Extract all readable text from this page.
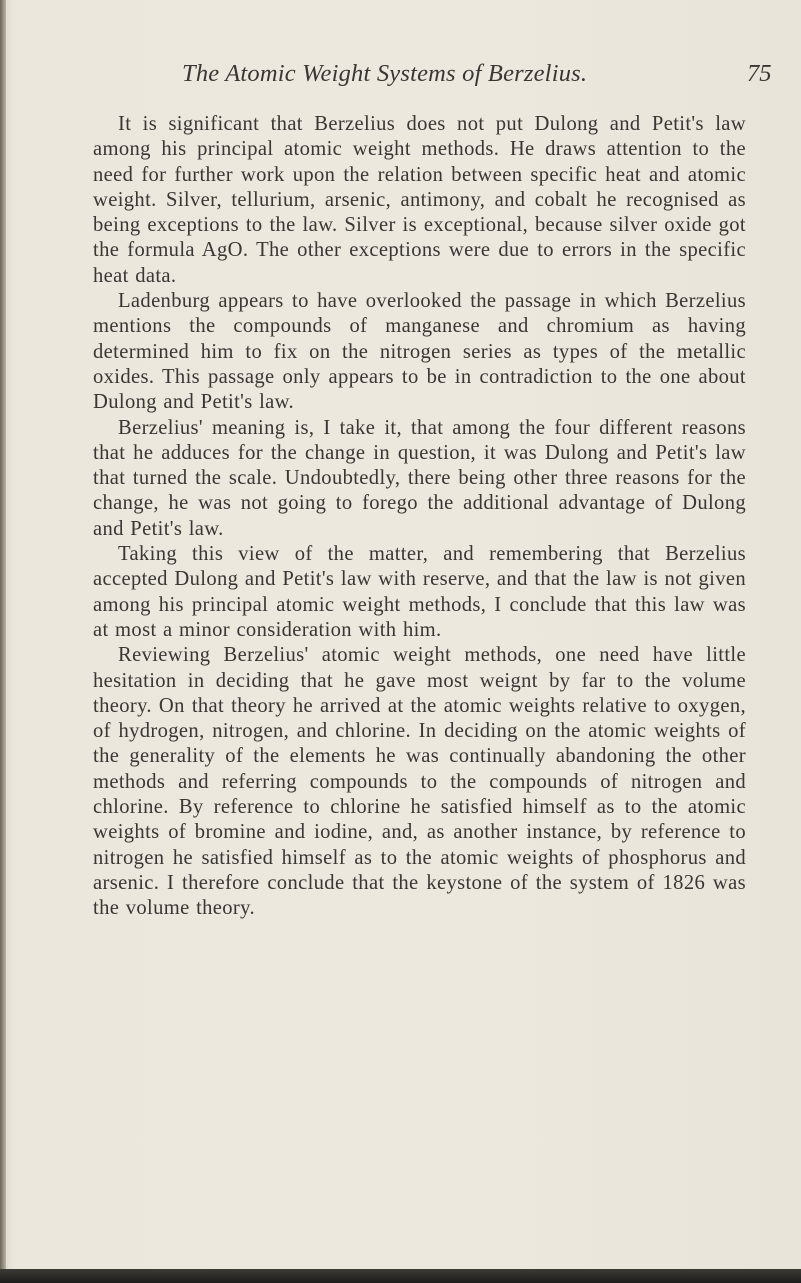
The Atomic Weight Systems of Berzelius.	75

It is significant that Berzelius does not put Dulong and Petit's law among his principal atomic weight methods. He draws attention to the need for further work upon the relation between specific heat and atomic weight. Silver, tellurium, arsenic, antimony, and cobalt he recognised as being exceptions to the law. Silver is exceptional, because silver oxide got the formula AgO. The other exceptions were due to errors in the specific heat data.

Ladenburg appears to have overlooked the passage in which Berzelius mentions the compounds of manganese and chromium as having determined him to fix on the nitrogen series as types of the metallic oxides. This passage only appears to be in contradiction to the one about Dulong and Petit's law.

Berzelius' meaning is, I take it, that among the four different reasons that he adduces for the change in question, it was Dulong and Petit's law that turned the scale. Undoubtedly, there being other three reasons for the change, he was not going to forego the additional advantage of Dulong and Petit's law.

Taking this view of the matter, and remembering that Berzelius accepted Dulong and Petit's law with reserve, and that the law is not given among his principal atomic weight methods, I conclude that this law was at most a minor consideration with him.

Reviewing Berzelius' atomic weight methods, one need have little hesitation in deciding that he gave most weignt by far to the volume theory. On that theory he arrived at the atomic weights relative to oxygen, of hydrogen, nitrogen, and chlorine. In deciding on the atomic weights of the generality of the elements he was continually abandoning the other methods and referring compounds to the compounds of nitrogen and chlorine. By reference to chlorine he satisfied himself as to the atomic weights of bromine and iodine, and, as another instance, by reference to nitrogen he satisfied himself as to the atomic weights of phosphorus and arsenic. I therefore conclude that the keystone of the system of 1826 was the volume theory.
